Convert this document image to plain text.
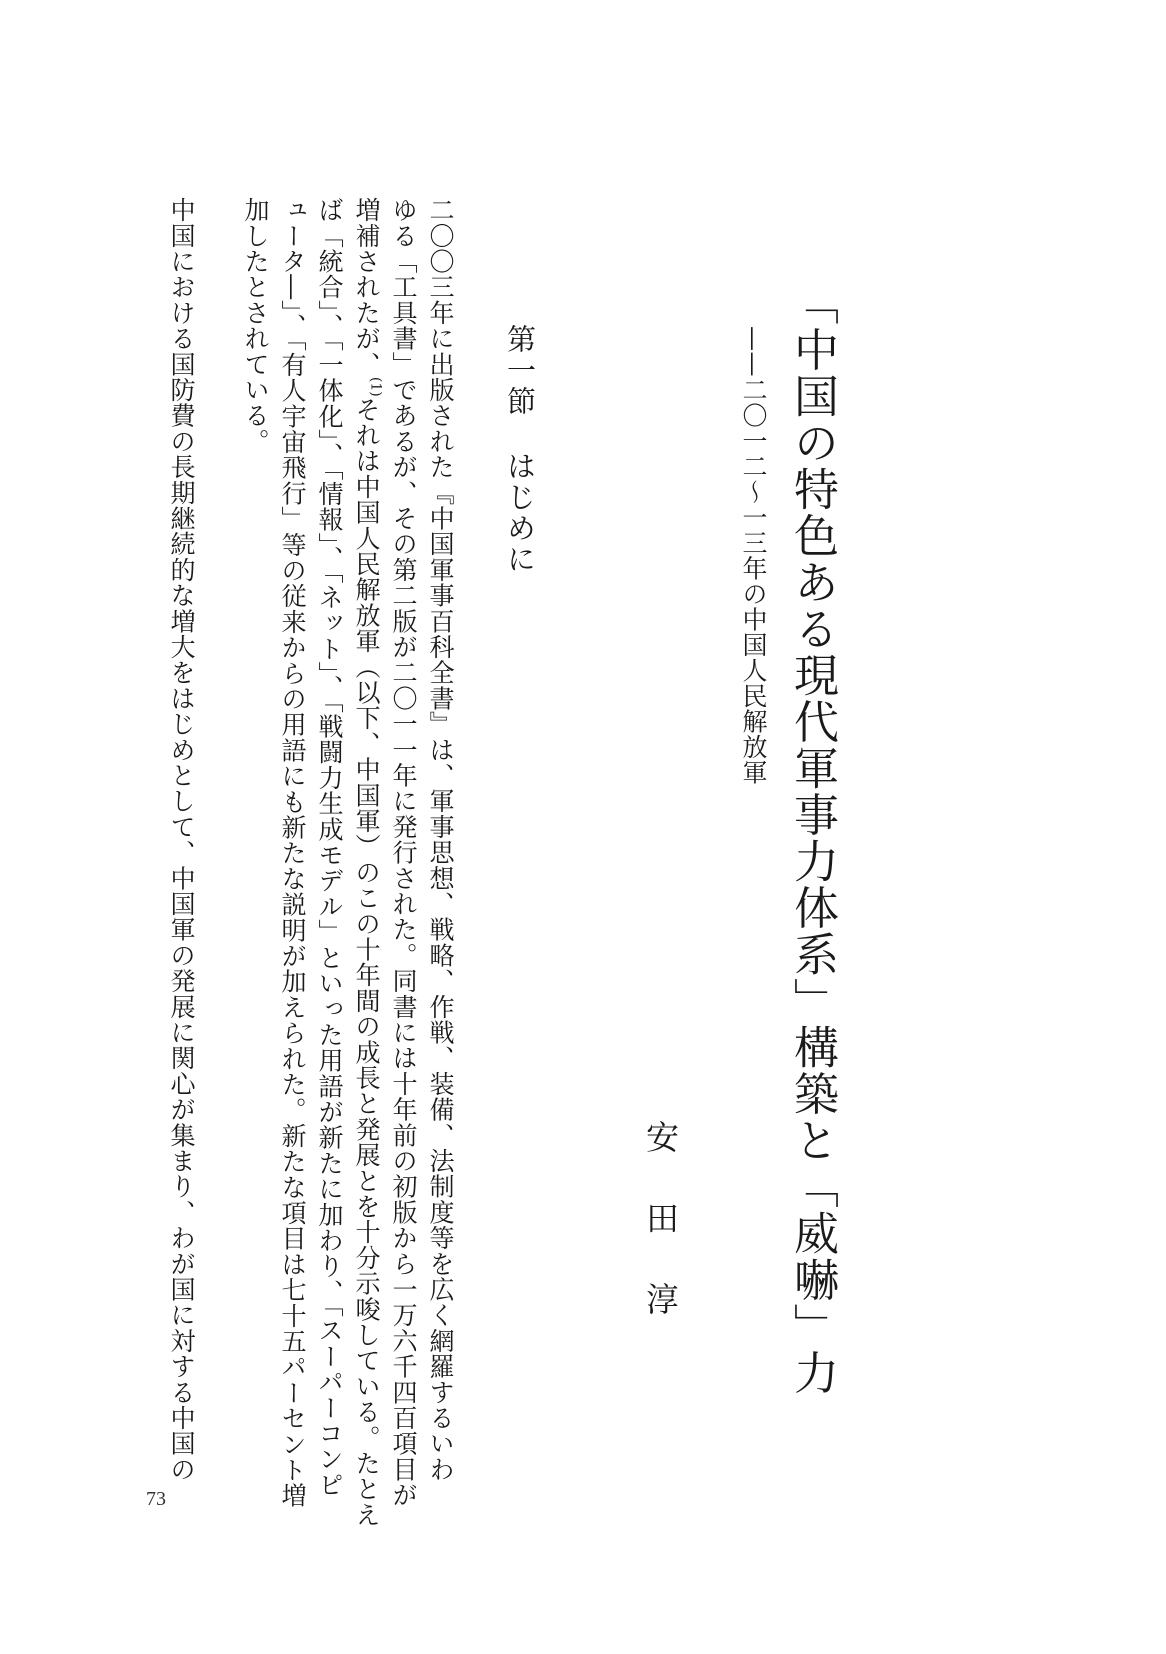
「中国の特色ある現代軍事力体系」構築と「威嚇」力
——二〇一二～一三年の中国人民解放軍
安田淳
第一節はじめに
二〇〇三年に出版された『中国軍事百科全書』は、軍事思想、戦略、作戦、装備、法制度等を広く網羅するいわ
ゆる「工具書」であるが、その第二版が二〇一一年に発行された。同書には十年前の初版から一万六千四百項目が
増補されたが、$^{(1)}$それは中国人民解放軍（以下、中国軍）のこの十年間の成長と発展とを十分示唆している。たとえ
ば「統合」、「一体化」、「情報」、「ネット」、「戦闘力生成モデル」といった用語が新たに加わり、「スーパーコンピ
ュータ―」、「有人宇宙飛行」等の従来からの用語にも新たな説明が加えられた。新たな項目は七十五パーセント増
加したとされている。
中国における国防費の長期継続的な増大をはじめとして、中国軍の発展に関心が集まり、わが国に対する中国の
73
